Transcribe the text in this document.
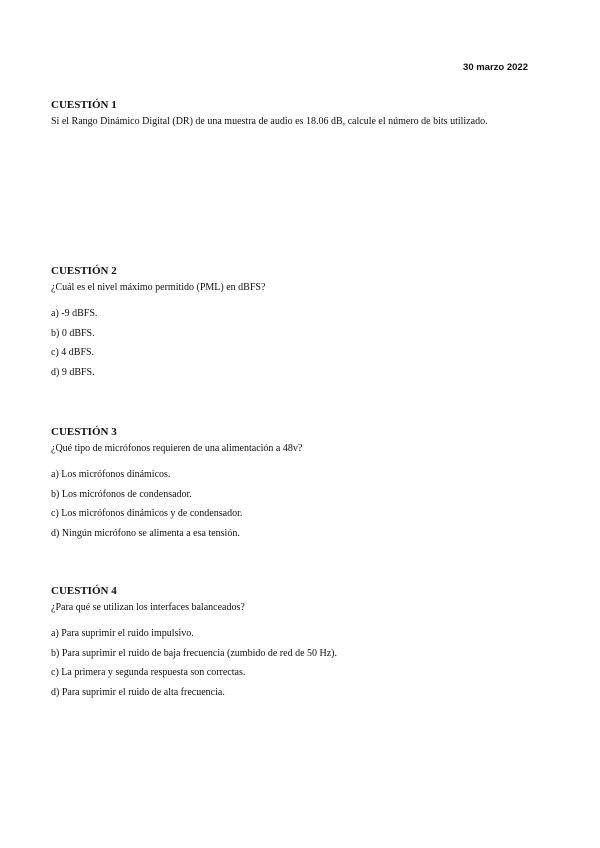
30 marzo 2022
CUESTIÓN 1

Si el Rango Dinámico Digital (DR) de una muestra de audio es 18.06 dB, calcule el número de bits utilizado.

CUESTIÓN 2

¿Cuál es el nivel máximo permitido (PML) en dBFS?

a) -9 dBFS.
b) 0 dBFS.
c) 4 dBFS.
d) 9 dBFS.
CUESTIÓN 3

¿Qué tipo de micrófonos requieren de una alimentación a 48v?

a) Los micrófonos dinámicos.
b) Los micrófonos de condensador.
c) Los micrófonos dinámicos y de condensador.
d) Ningún micrófono se alimenta a esa tensión.
CUESTIÓN 4

¿Para qué se utilizan los interfaces balanceados?

a) Para suprimir el ruido impulsivo.
b) Para suprimir el ruido de baja frecuencia (zumbido de red de 50 Hz).
c) La primera y segunda respuesta son correctas.
d) Para suprimir el ruido de alta frecuencia.
